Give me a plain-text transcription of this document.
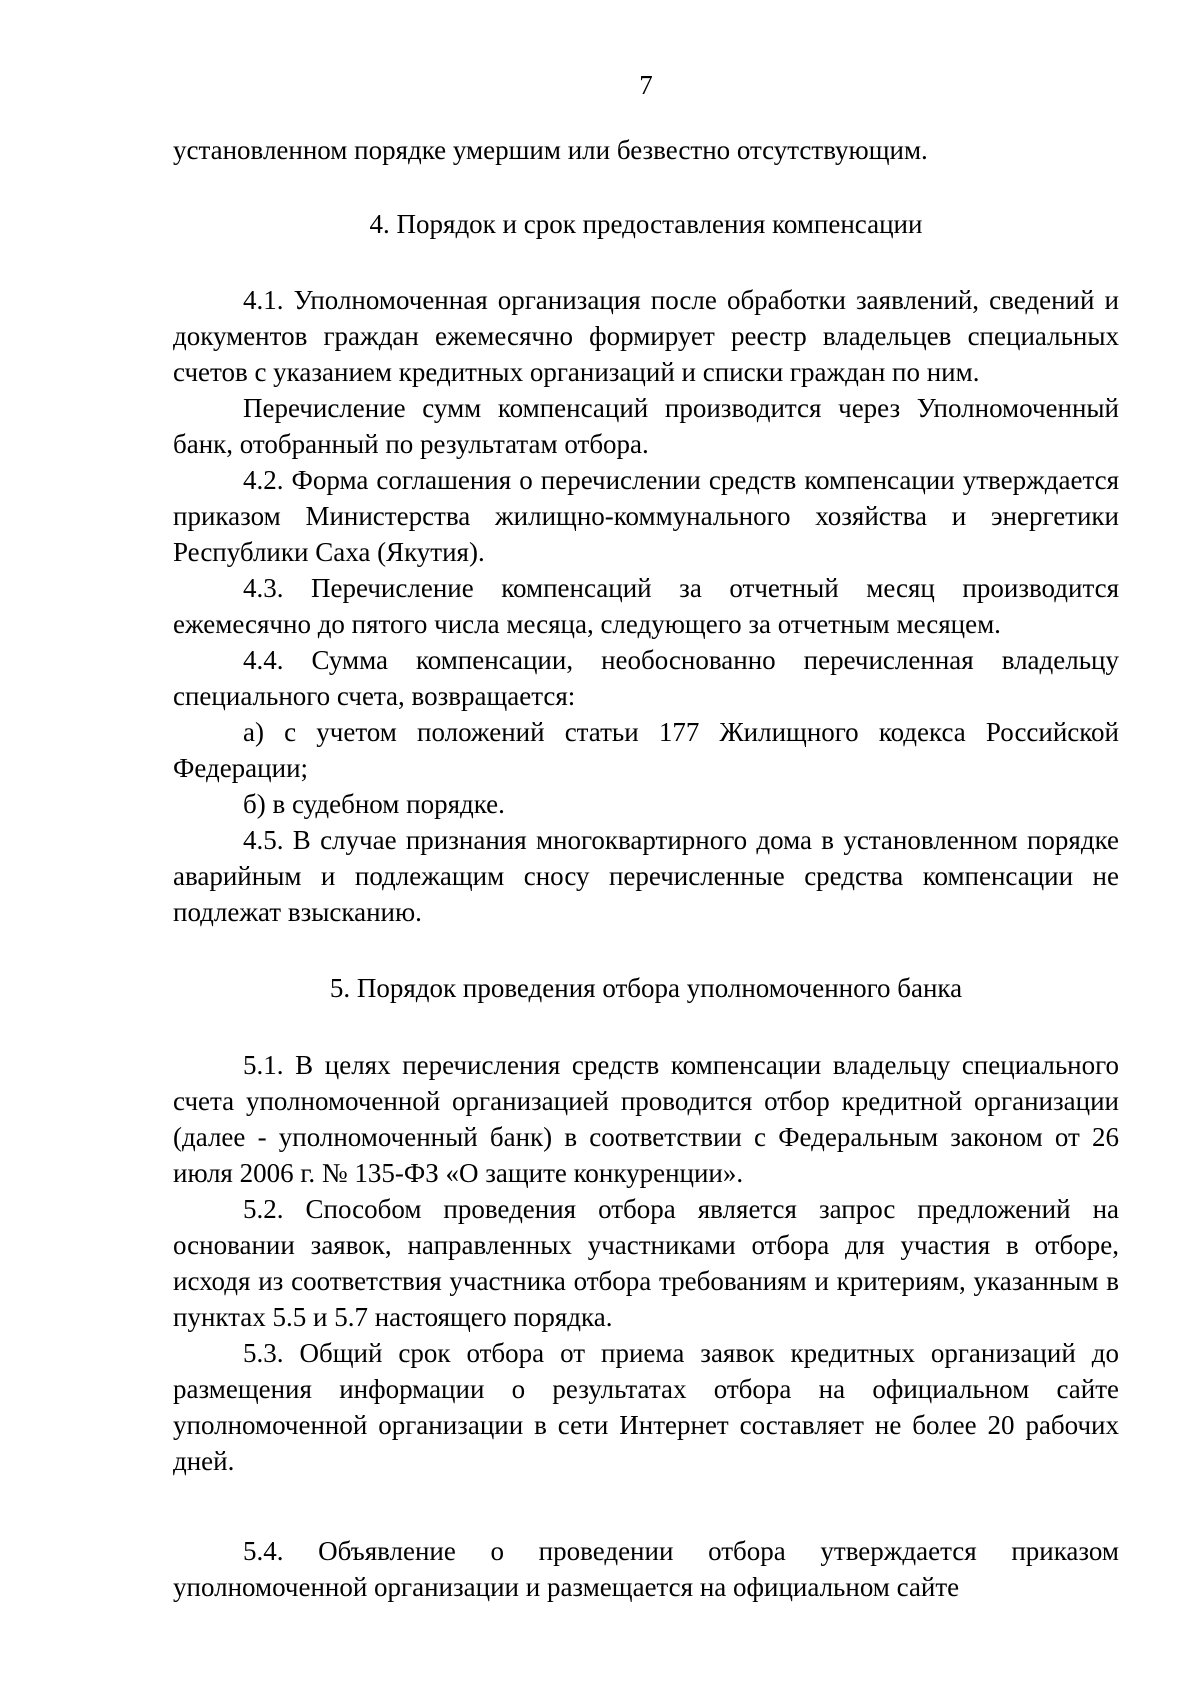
7

установленном порядке умершим или безвестно отсутствующим.

4. Порядок и срок предоставления компенсации

4.1. Уполномоченная организация после обработки заявлений, сведений и документов граждан ежемесячно формирует реестр владельцев специальных счетов с указанием кредитных организаций и списки граждан по ним.

Перечисление сумм компенсаций производится через Уполномоченный банк, отобранный по результатам отбора.

4.2. Форма соглашения о перечислении средств компенсации утверждается приказом Министерства жилищно-коммунального хозяйства и энергетики Республики Саха (Якутия).

4.3. Перечисление компенсаций за отчетный месяц производится ежемесячно до пятого числа месяца, следующего за отчетным месяцем.

4.4. Сумма компенсации, необоснованно перечисленная владельцу специального счета, возвращается:

а) с учетом положений статьи 177 Жилищного кодекса Российской Федерации;

б) в судебном порядке.

4.5. В случае признания многоквартирного дома в установленном порядке аварийным и подлежащим сносу перечисленные средства компенсации не подлежат взысканию.

5. Порядок проведения отбора уполномоченного банка

5.1. В целях перечисления средств компенсации владельцу специального счета уполномоченной организацией проводится отбор кредитной организации (далее - уполномоченный банк) в соответствии с Федеральным законом от 26 июля 2006 г. № 135-ФЗ «О защите конкуренции».

5.2. Способом проведения отбора является запрос предложений на основании заявок, направленных участниками отбора для участия в отборе, исходя из соответствия участника отбора требованиям и критериям, указанным в пунктах 5.5 и 5.7 настоящего порядка.

5.3. Общий срок отбора от приема заявок кредитных организаций до размещения информации о результатах отбора на официальном сайте уполномоченной организации в сети Интернет составляет не более 20 рабочих дней.

5.4. Объявление о проведении отбора утверждается приказом уполномоченной организации и размещается на официальном сайте
